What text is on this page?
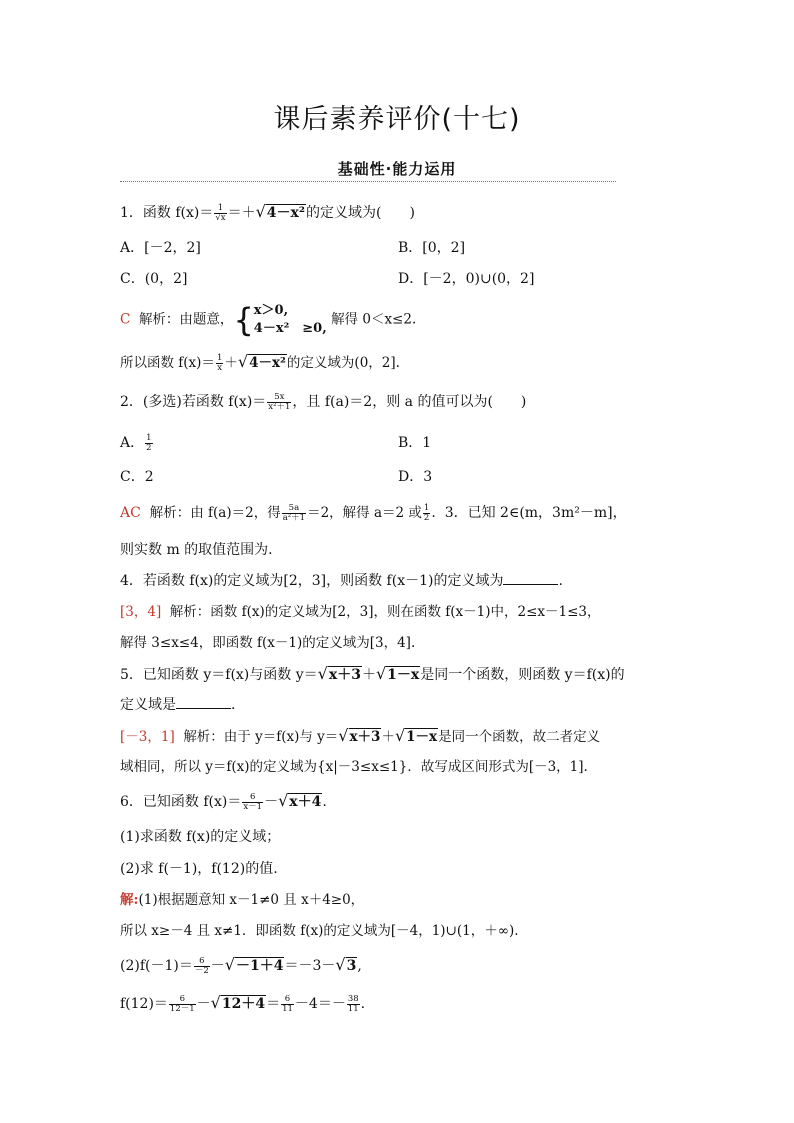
课后素养评价(十七)
基础性·能力运用
1．函数 $f(x)= \frac{1}{√x} =+√4-x^2$的定义域为(　　)
A．[－2，2]	B．[0，2]
C．(0，2]	D．[－2，0)∪(0，2]
C 解析：由题意，{ x＞0,
4－x²　≥0,
解得 0＜x≤2.
所以函数 $f(x)= \frac{1}{x} +√4-x^2$的定义域为(0，2].
2．(多选)若函数 $f(x)= \frac{5x}{\text{x²＋1}}$ ，且 f(a)＝2，则 a 的值可以为(　　)
A． $\frac{1}{2}$	B．1
C．2	D．3
AC 解析：由 f(a)＝2，得 $\frac{5a}{\text{a²＋1}} =2$，解得 a＝2 或 $\frac{1}{2}$ . 3．已知 2∈(m，3m²－m]，
则实数 m 的取值范围为.
4．若函数 f(x)的定义域为[2，3]，则函数 f(x－1)的定义域为	.
[3，4] 解析：函数 f(x)的定义域为[2，3]，则在函数 f(x－1)中，2≤x－1≤3，
解得 3≤x≤4，即函数 f(x－1)的定义域为[3，4].
5．已知函数 y＝f(x)与函数 y＝√x＋3＋√1－x是同一个函数，则函数 y＝f(x)的
定义域是	.
[－3，1] 解析：由于 y＝f(x)与 y＝√x＋3＋√1－x是同一个函数，故二者定义
域相同，所以 y＝f(x)的定义域为{x|－3≤x≤1}．故写成区间形式为[－3，1].
6．已知函数 $f(x)= \frac{6}{x-1} -√x+4$.
(1)求函数 f(x)的定义域；
(2)求 f(－1)，f(12)的值.
解:(1)根据题意知 x－1≠0 且 x＋4≥0，
所以 x≥－4 且 x≠1．即函数 f(x)的定义域为[－4，1)∪(1，＋∞).
$(2)f(-1)= \frac{6}{-2} -√-1+4=-3-√3$,
$f(12)= \frac{6}{12-1} -√12+4= \frac{6}{11} -4=- \frac{38}{11}$ .
